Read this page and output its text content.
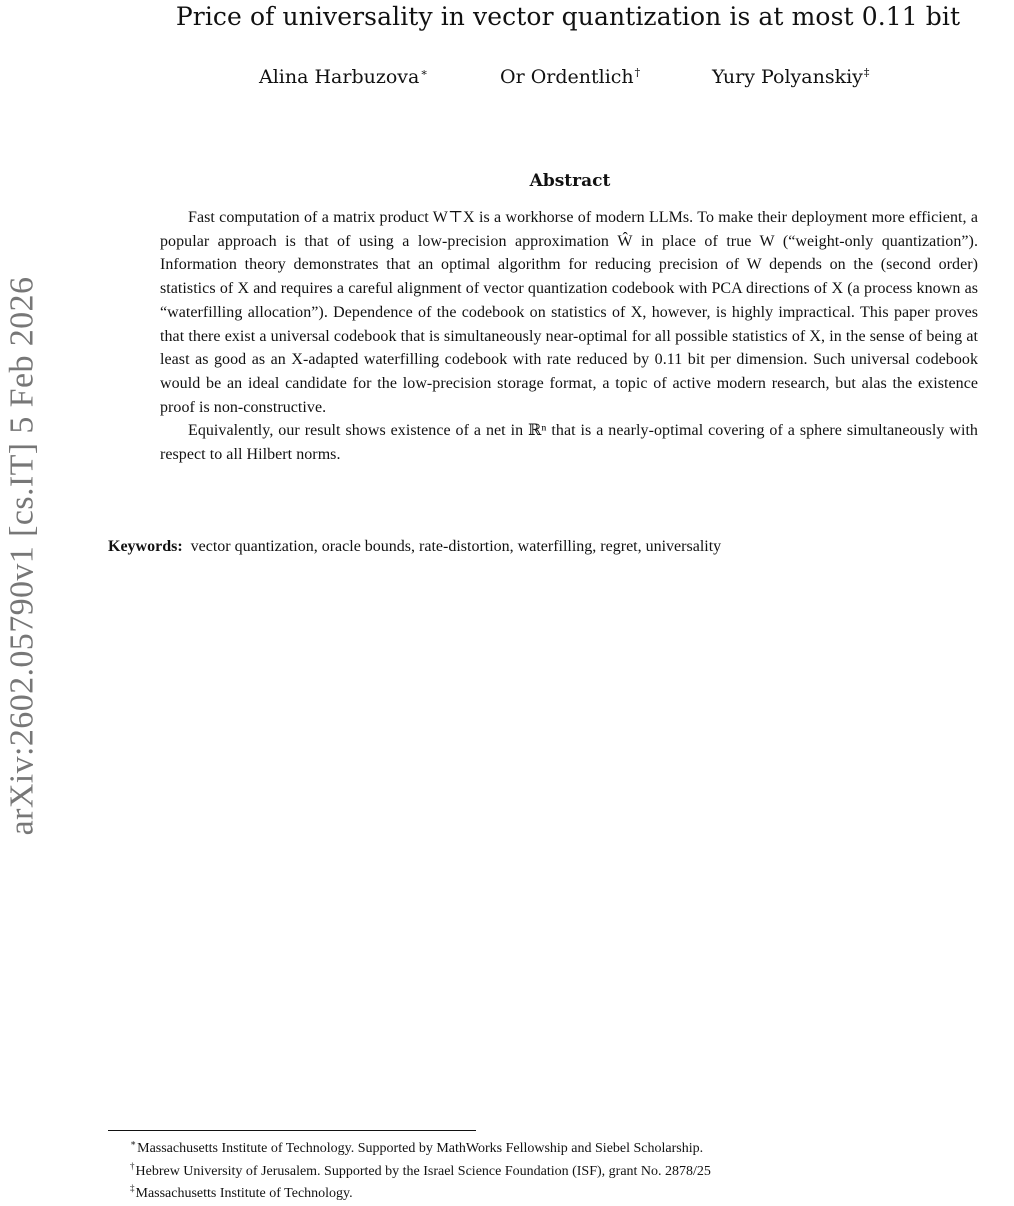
arXiv:2602.05790v1 [cs.IT] 5 Feb 2026
Price of universality in vector quantization is at most 0.11 bit
Alina Harbuzova∗	Or Ordentlich†	Yury Polyanskiy‡
Abstract

Fast computation of a matrix product W⊤X is a workhorse of modern LLMs. To make their deployment more efficient, a popular approach is that of using a low-precision approximation Ŵ in place of true W (“weight-only quantization”). Information theory demonstrates that an optimal algorithm for reducing precision of W depends on the (second order) statistics of X and requires a careful alignment of vector quantization codebook with PCA directions of X (a process known as “waterfilling allocation”). Dependence of the codebook on statistics of X, however, is highly impractical. This paper proves that there exist a universal codebook that is simultaneously near-optimal for all possible statistics of X, in the sense of being at least as good as an X-adapted waterfilling codebook with rate reduced by 0.11 bit per dimension. Such universal codebook would be an ideal candidate for the low-precision storage format, a topic of active modern research, but alas the existence proof is non-constructive.

Equivalently, our result shows existence of a net in ℝⁿ that is a nearly-optimal covering of a sphere simultaneously with respect to all Hilbert norms.

Keywords: vector quantization, oracle bounds, rate-distortion, waterfilling, regret, universality
∗Massachusetts Institute of Technology. Supported by MathWorks Fellowship and Siebel Scholarship.
†Hebrew University of Jerusalem. Supported by the Israel Science Foundation (ISF), grant No. 2878/25
‡Massachusetts Institute of Technology.
